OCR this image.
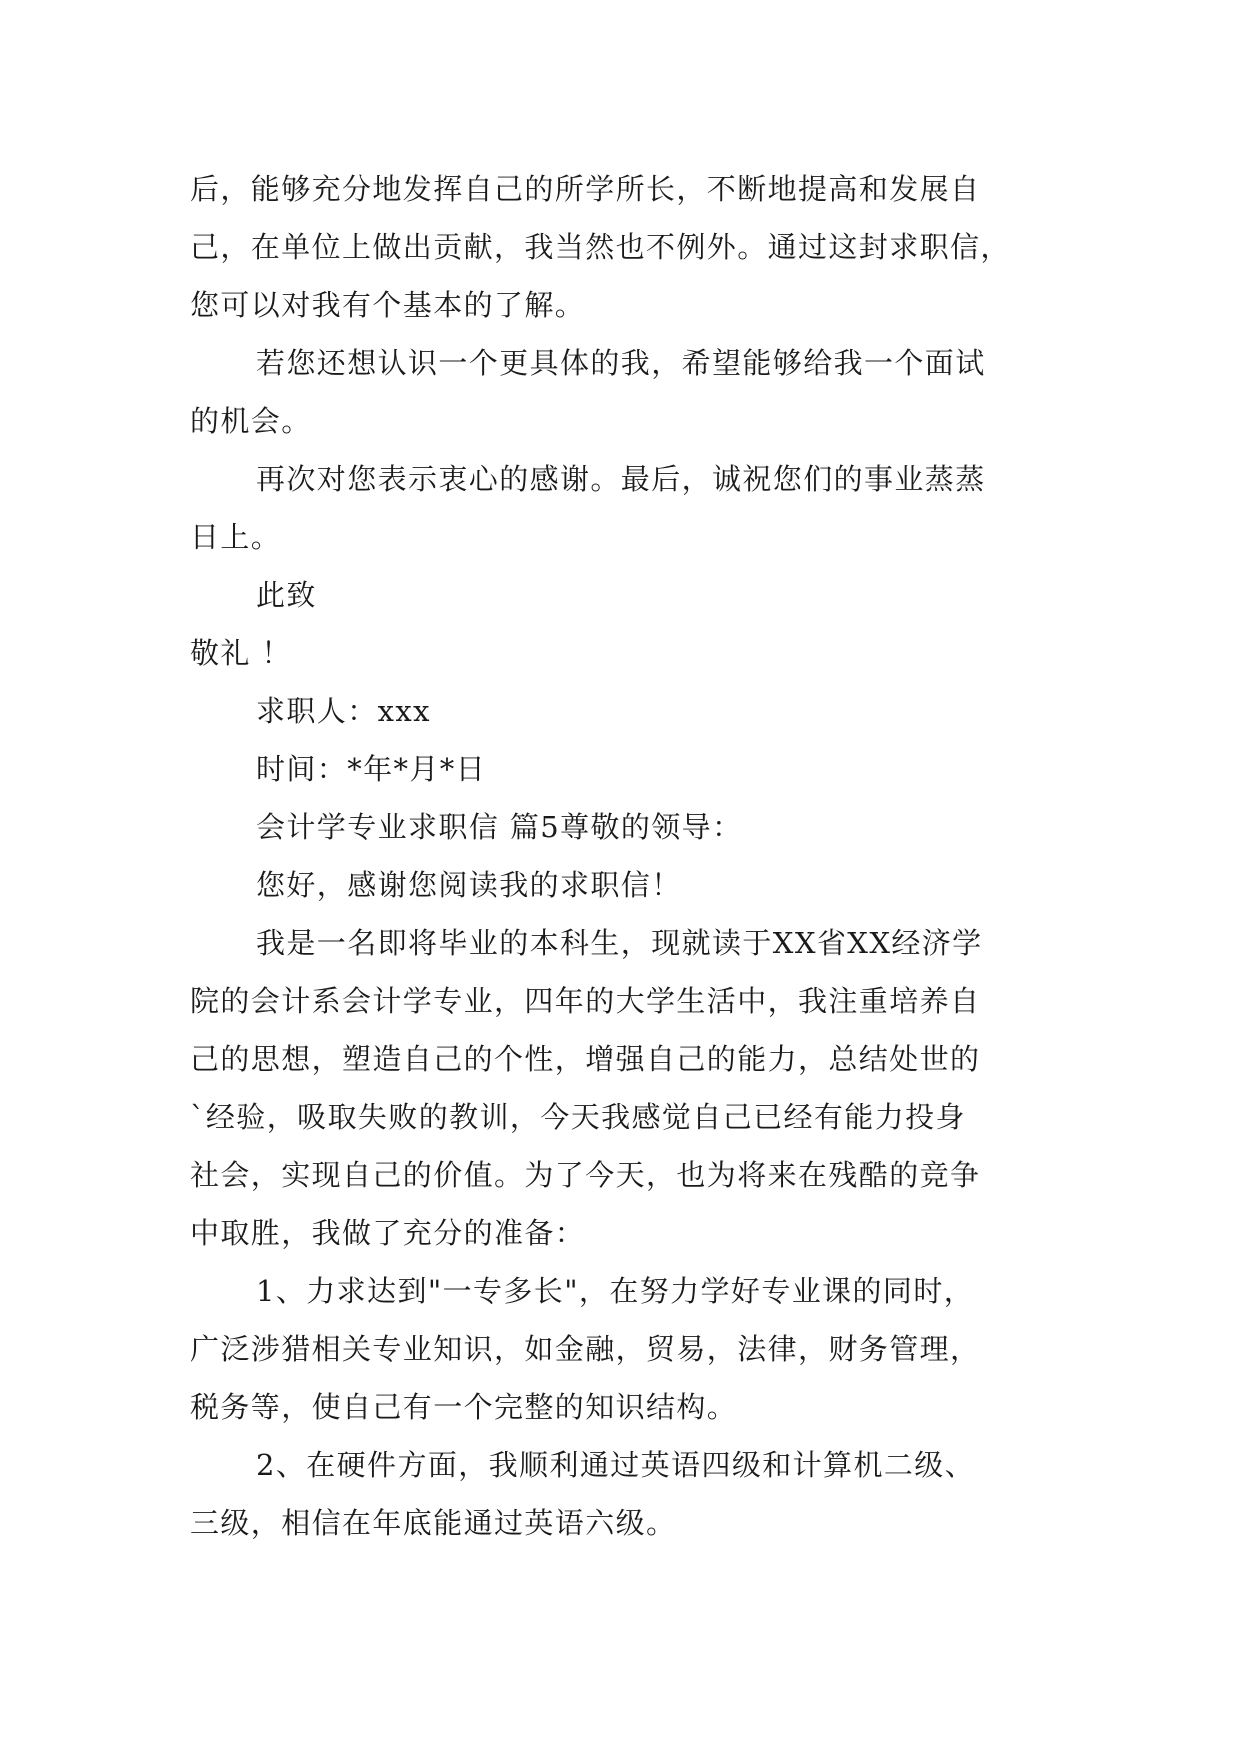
后，能够充分地发挥自己的所学所长，不断地提高和发展自
己，在单位上做出贡献，我当然也不例外。通过这封求职信，
您可以对我有个基本的了解。
若您还想认识一个更具体的我，希望能够给我一个面试
的机会。
再次对您表示衷心的感谢。最后，诚祝您们的事业蒸蒸
日上。
此致
敬礼 ！
求职人：xxx
时间：*年*月*日
会计学专业求职信 篇5尊敬的领导：
您好，感谢您阅读我的求职信！
我是一名即将毕业的本科生，现就读于XX省XX经济学
院的会计系会计学专业，四年的大学生活中，我注重培养自
己的思想，塑造自己的个性，增强自己的能力，总结处世的
`经验，吸取失败的教训，今天我感觉自己已经有能力投身
社会，实现自己的价值。为了今天，也为将来在残酷的竞争
中取胜，我做了充分的准备：
1、力求达到"一专多长"，在努力学好专业课的同时，
广泛涉猎相关专业知识，如金融，贸易，法律，财务管理，
税务等，使自己有一个完整的知识结构。
2、在硬件方面，我顺利通过英语四级和计算机二级、
三级，相信在年底能通过英语六级。
